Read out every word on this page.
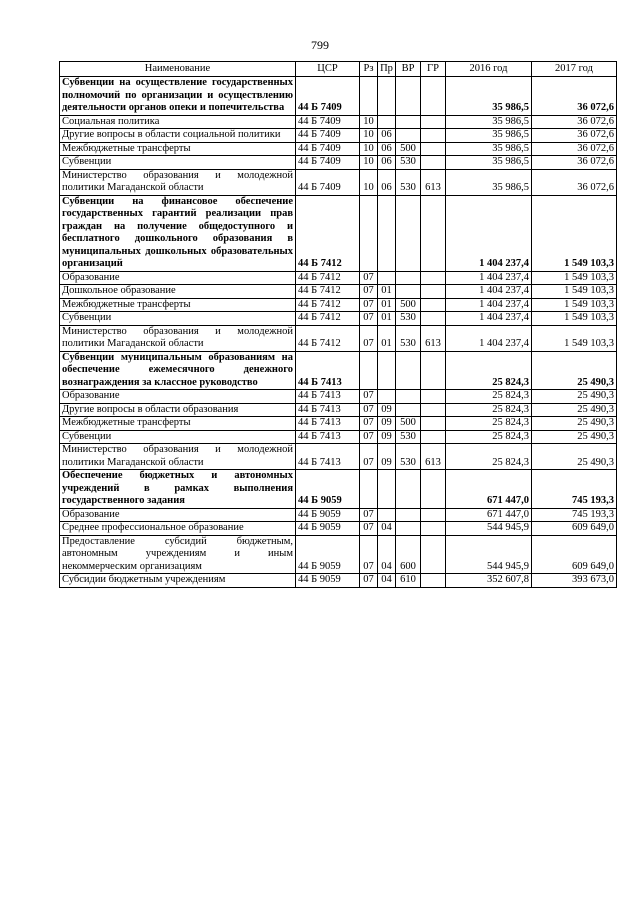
799
Наименование	ЦСР	Рз	Пр	ВР	ГР	2016 год	2017 год
Субвенции на осуществление государственных полномочий по организации и осуществлению деятельности органов опеки и попечительства	44 Б 7409					35 986,5	36 072,6
Социальная политика	44 Б 7409	10				35 986,5	36 072,6
Другие вопросы в области социальной политики	44 Б 7409	10	06			35 986,5	36 072,6
Межбюджетные трансферты	44 Б 7409	10	06	500		35 986,5	36 072,6
Субвенции	44 Б 7409	10	06	530		35 986,5	36 072,6
Министерство образования и молодежной политики Магаданской области	44 Б 7409	10	06	530	613	35 986,5	36 072,6
Субвенции на финансовое обеспечение государственных гарантий реализации прав граждан на получение общедоступного и бесплатного дошкольного образования в муниципальных дошкольных образовательных организаций	44 Б 7412					1 404 237,4	1 549 103,3
Образование	44 Б 7412	07				1 404 237,4	1 549 103,3
Дошкольное образование	44 Б 7412	07	01			1 404 237,4	1 549 103,3
Межбюджетные трансферты	44 Б 7412	07	01	500		1 404 237,4	1 549 103,3
Субвенции	44 Б 7412	07	01	530		1 404 237,4	1 549 103,3
Министерство образования и молодежной политики Магаданской области	44 Б 7412	07	01	530	613	1 404 237,4	1 549 103,3
Субвенции муниципальным образованиям на обеспечение ежемесячного денежного вознаграждения за классное руководство	44 Б 7413					25 824,3	25 490,3
Образование	44 Б 7413	07				25 824,3	25 490,3
Другие вопросы в области образования	44 Б 7413	07	09			25 824,3	25 490,3
Межбюджетные трансферты	44 Б 7413	07	09	500		25 824,3	25 490,3
Субвенции	44 Б 7413	07	09	530		25 824,3	25 490,3
Министерство образования и молодежной политики Магаданской области	44 Б 7413	07	09	530	613	25 824,3	25 490,3
Обеспечение бюджетных и автономных учреждений в рамках выполнения государственного задания	44 Б 9059					671 447,0	745 193,3
Образование	44 Б 9059	07				671 447,0	745 193,3
Среднее профессиональное образование	44 Б 9059	07	04			544 945,9	609 649,0
Предоставление субсидий бюджетным, автономным учреждениям и иным некоммерческим организациям	44 Б 9059	07	04	600		544 945,9	609 649,0
Субсидии бюджетным учреждениям	44 Б 9059	07	04	610		352 607,8	393 673,0
